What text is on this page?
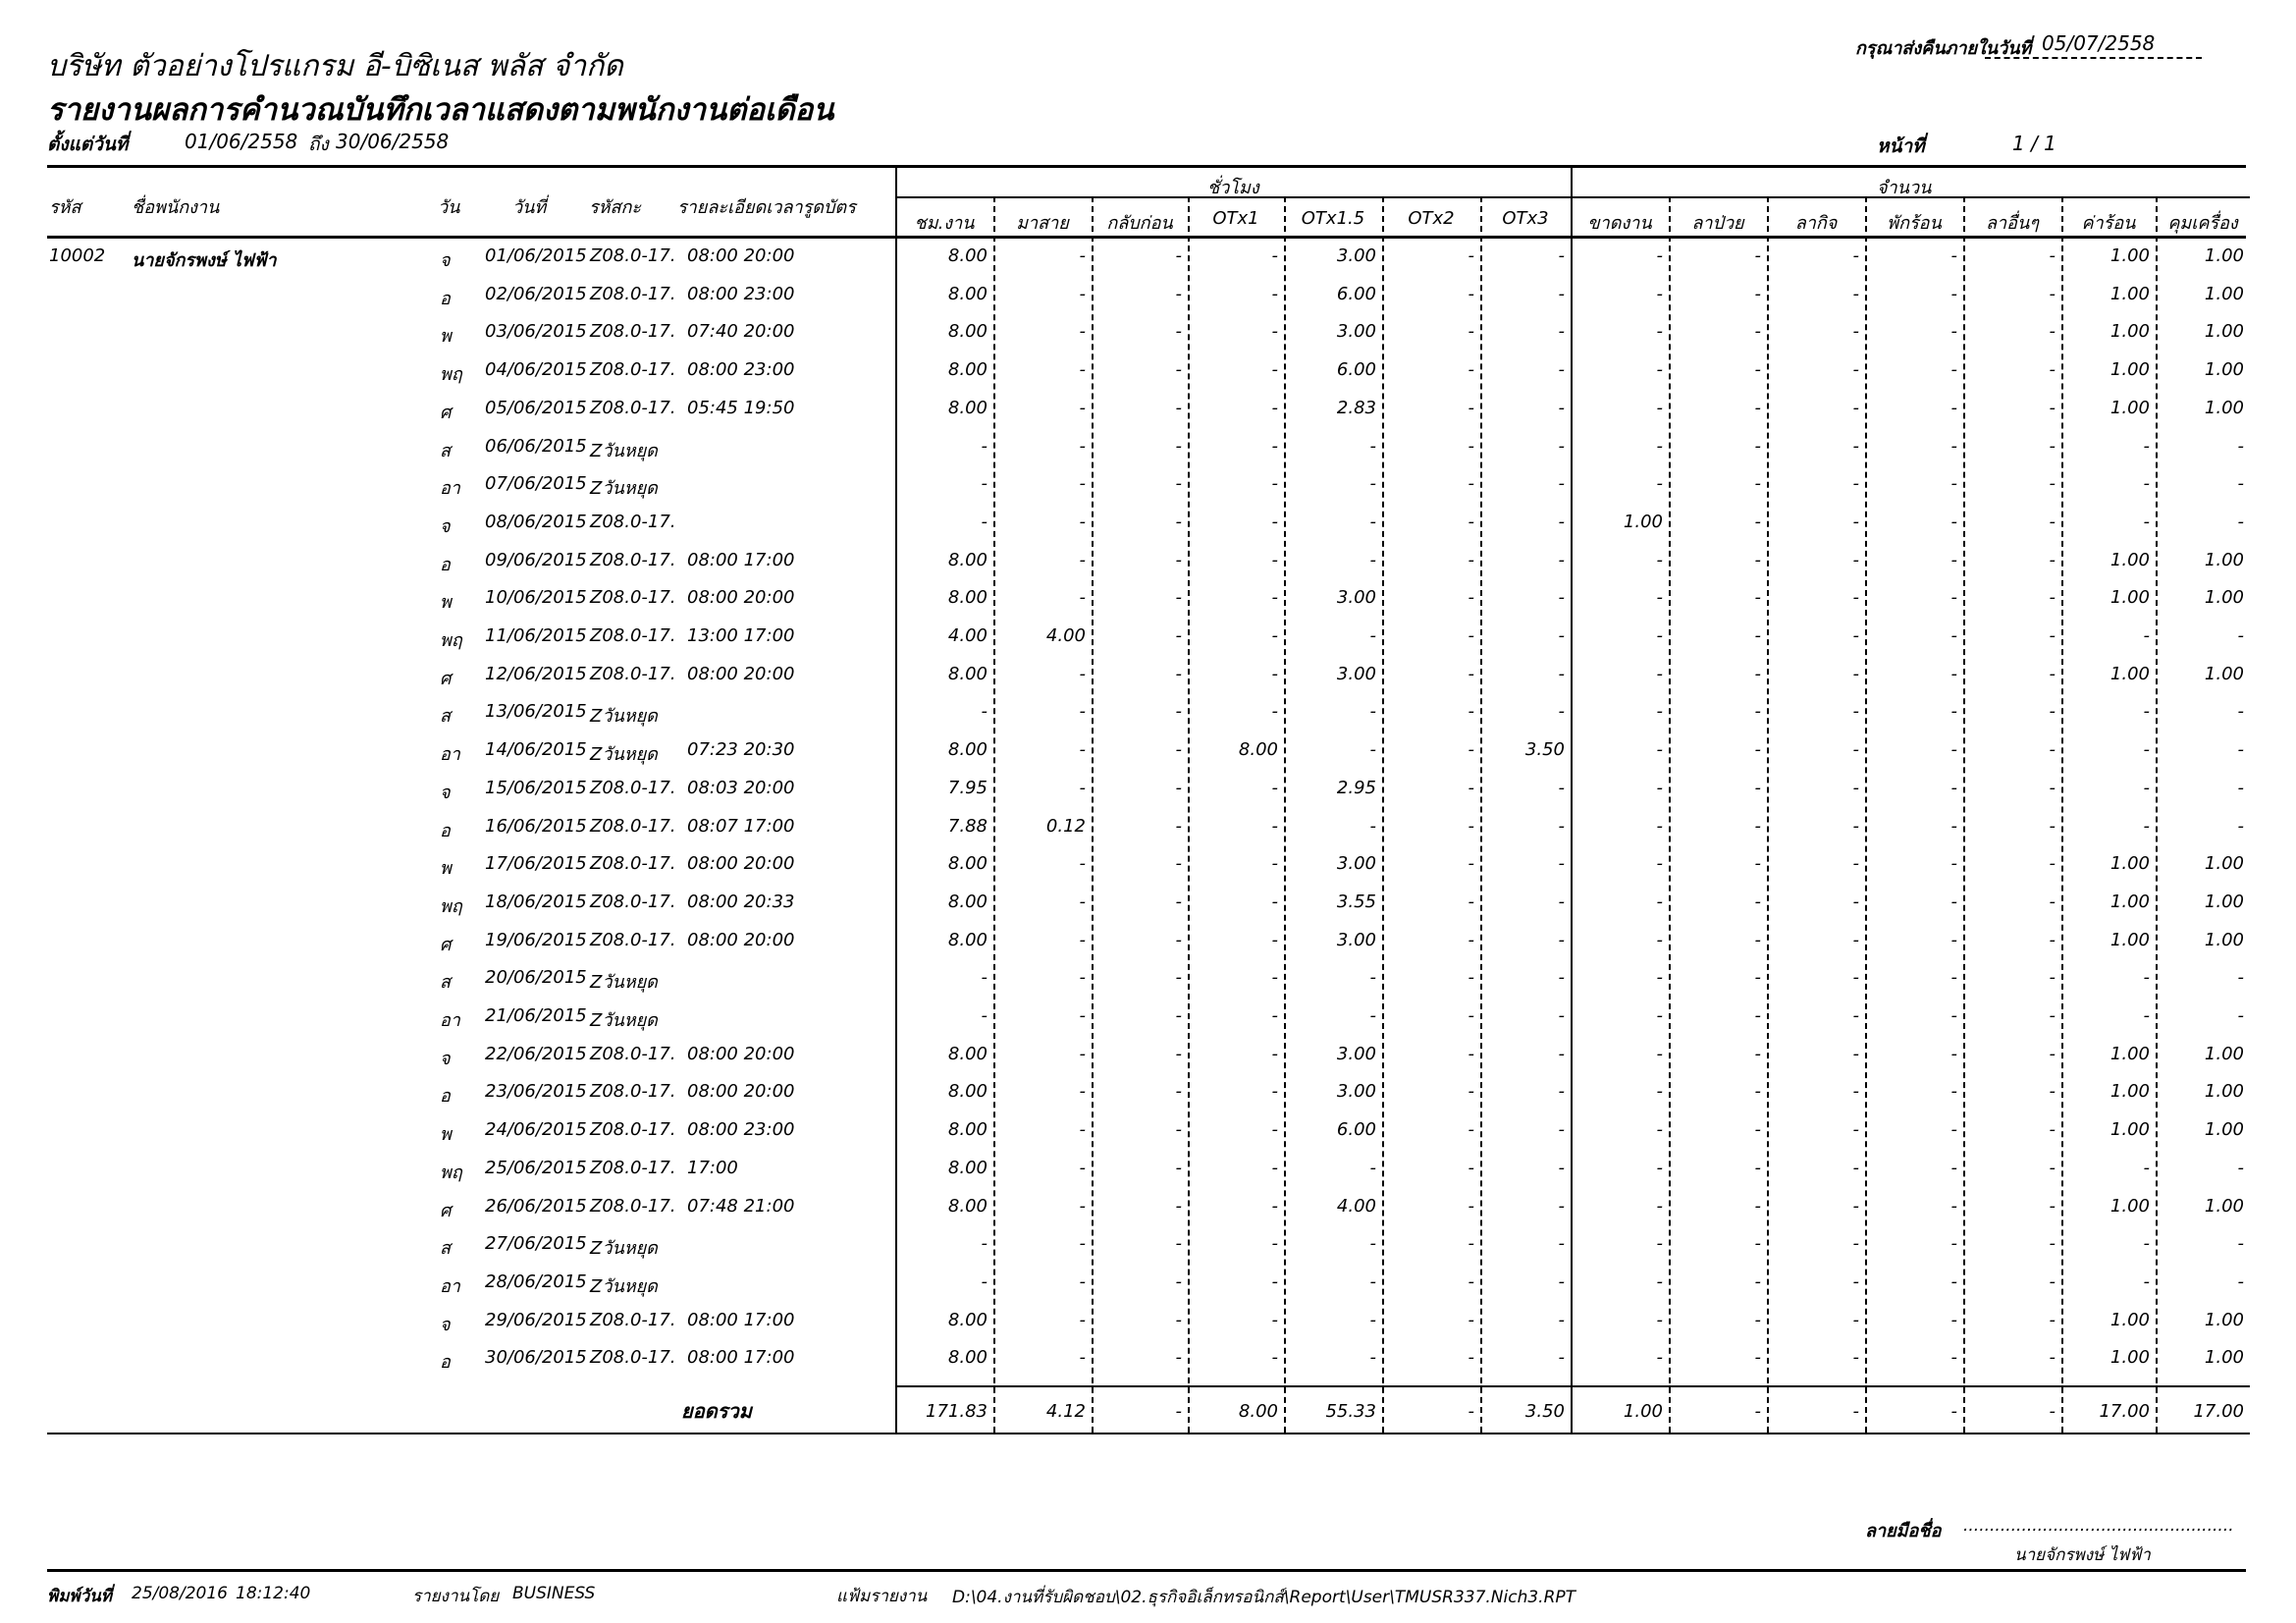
กรุณาส่งคืนภายในวันที่ 05/07/2558
บริษัท ตัวอย่างโปรแกรม อี-บิซิเนส พลัส จำกัด
รายงานผลการคำนวณบันทึกเวลาแสดงตามพนักงานต่อเดือน
ตั้งแต่วันที่	01/06/2558 ถึง 30/06/2558	หน้าที่	1 / 1
ชั่วโมง	จำนวน
รหัส	ชื่อพนักงาน	วัน	วันที่ รหัสกะ รายละเอียดเวลารูดบัตร
ชม.งาน	มาสาย	กลับก่อน	OTx1	OTx1.5	OTx2	OTx3	ขาดงาน	ลาป่วย	ลากิจ	พักร้อน	ลาอื่นๆ	ค่าร้อน	คุมเครื่อง
10002 นายจักรพงษ์ ไฟฟ้า	จ 01/06/2015 Z08.0-17. 08:00 20:00	8.00	-	-	-	3.00	-	-	-	-	-	-	-	1.00	1.00
อ 02/06/2015 Z08.0-17. 08:00 23:00	8.00	-	-	-	6.00	-	-	-	-	-	-	-	1.00	1.00
พ 03/06/2015 Z08.0-17. 07:40 20:00	8.00	-	-	-	3.00	-	-	-	-	-	-	-	1.00	1.00
พฤ 04/06/2015 Z08.0-17. 08:00 23:00	8.00	-	-	-	6.00	-	-	-	-	-	-	-	1.00	1.00
ศ 05/06/2015 Z08.0-17. 05:45 19:50	8.00	-	-	-	2.83	-	-	-	-	-	-	-	1.00	1.00
ส 06/06/2015 Zวันหยุด	-	-	-	-	-	-	-	-	-	-	-	-	-	-
อา 07/06/2015 Zวันหยุด	-	-	-	-	-	-	-	-	-	-	-	-	-	-
จ 08/06/2015 Z08.0-17.	-	-	-	-	-	-	-	1.00	-	-	-	-	-	-
อ 09/06/2015 Z08.0-17. 08:00 17:00	8.00	-	-	-	-	-	-	-	-	-	-	-	1.00	1.00
พ 10/06/2015 Z08.0-17. 08:00 20:00	8.00	-	-	-	3.00	-	-	-	-	-	-	-	1.00	1.00
พฤ 11/06/2015 Z08.0-17. 13:00 17:00	4.00	4.00	-	-	-	-	-	-	-	-	-	-	-	-
ศ 12/06/2015 Z08.0-17. 08:00 20:00	8.00	-	-	-	3.00	-	-	-	-	-	-	-	1.00	1.00
ส 13/06/2015 Zวันหยุด	-	-	-	-	-	-	-	-	-	-	-	-	-	-
อา 14/06/2015 Zวันหยุด 07:23 20:30	8.00	-	-	8.00	-	-	3.50	-	-	-	-	-	-	-
จ 15/06/2015 Z08.0-17. 08:03 20:00	7.95	-	-	-	2.95	-	-	-	-	-	-	-	-	-
อ 16/06/2015 Z08.0-17. 08:07 17:00	7.88	0.12	-	-	-	-	-	-	-	-	-	-	-	-
พ 17/06/2015 Z08.0-17. 08:00 20:00	8.00	-	-	-	3.00	-	-	-	-	-	-	-	1.00	1.00
พฤ 18/06/2015 Z08.0-17. 08:00 20:33	8.00	-	-	-	3.55	-	-	-	-	-	-	-	1.00	1.00
ศ 19/06/2015 Z08.0-17. 08:00 20:00	8.00	-	-	-	3.00	-	-	-	-	-	-	-	1.00	1.00
ส 20/06/2015 Zวันหยุด	-	-	-	-	-	-	-	-	-	-	-	-	-	-
อา 21/06/2015 Zวันหยุด	-	-	-	-	-	-	-	-	-	-	-	-	-	-
จ 22/06/2015 Z08.0-17. 08:00 20:00	8.00	-	-	-	3.00	-	-	-	-	-	-	-	1.00	1.00
อ 23/06/2015 Z08.0-17. 08:00 20:00	8.00	-	-	-	3.00	-	-	-	-	-	-	-	1.00	1.00
พ 24/06/2015 Z08.0-17. 08:00 23:00	8.00	-	-	-	6.00	-	-	-	-	-	-	-	1.00	1.00
พฤ 25/06/2015 Z08.0-17. 17:00	8.00	-	-	-	-	-	-	-	-	-	-	-	-	-
ศ 26/06/2015 Z08.0-17. 07:48 21:00	8.00	-	-	-	4.00	-	-	-	-	-	-	-	1.00	1.00
ส 27/06/2015 Zวันหยุด	-	-	-	-	-	-	-	-	-	-	-	-	-	-
อา 28/06/2015 Zวันหยุด	-	-	-	-	-	-	-	-	-	-	-	-	-	-
จ 29/06/2015 Z08.0-17. 08:00 17:00	8.00	-	-	-	-	-	-	-	-	-	-	-	1.00	1.00
อ 30/06/2015 Z08.0-17. 08:00 17:00	8.00	-	-	-	-	-	-	-	-	-	-	-	1.00	1.00
ยอดรวม	171.83	4.12	-	8.00	55.33	-	3.50	1.00	-	-	-	-	17.00	17.00
ลายมือชื่อ ...................................................
นายจักรพงษ์ ไฟฟ้า
พิมพ์วันที่ 25/08/2016 18:12:40	รายงานโดย BUSINESS	แฟ้มรายงาน D:\04.งานที่รับผิดชอบ\02.ธุรกิจอิเล็กทรอนิกส์\Report\User\TMUSR337.Nich3.RPT
